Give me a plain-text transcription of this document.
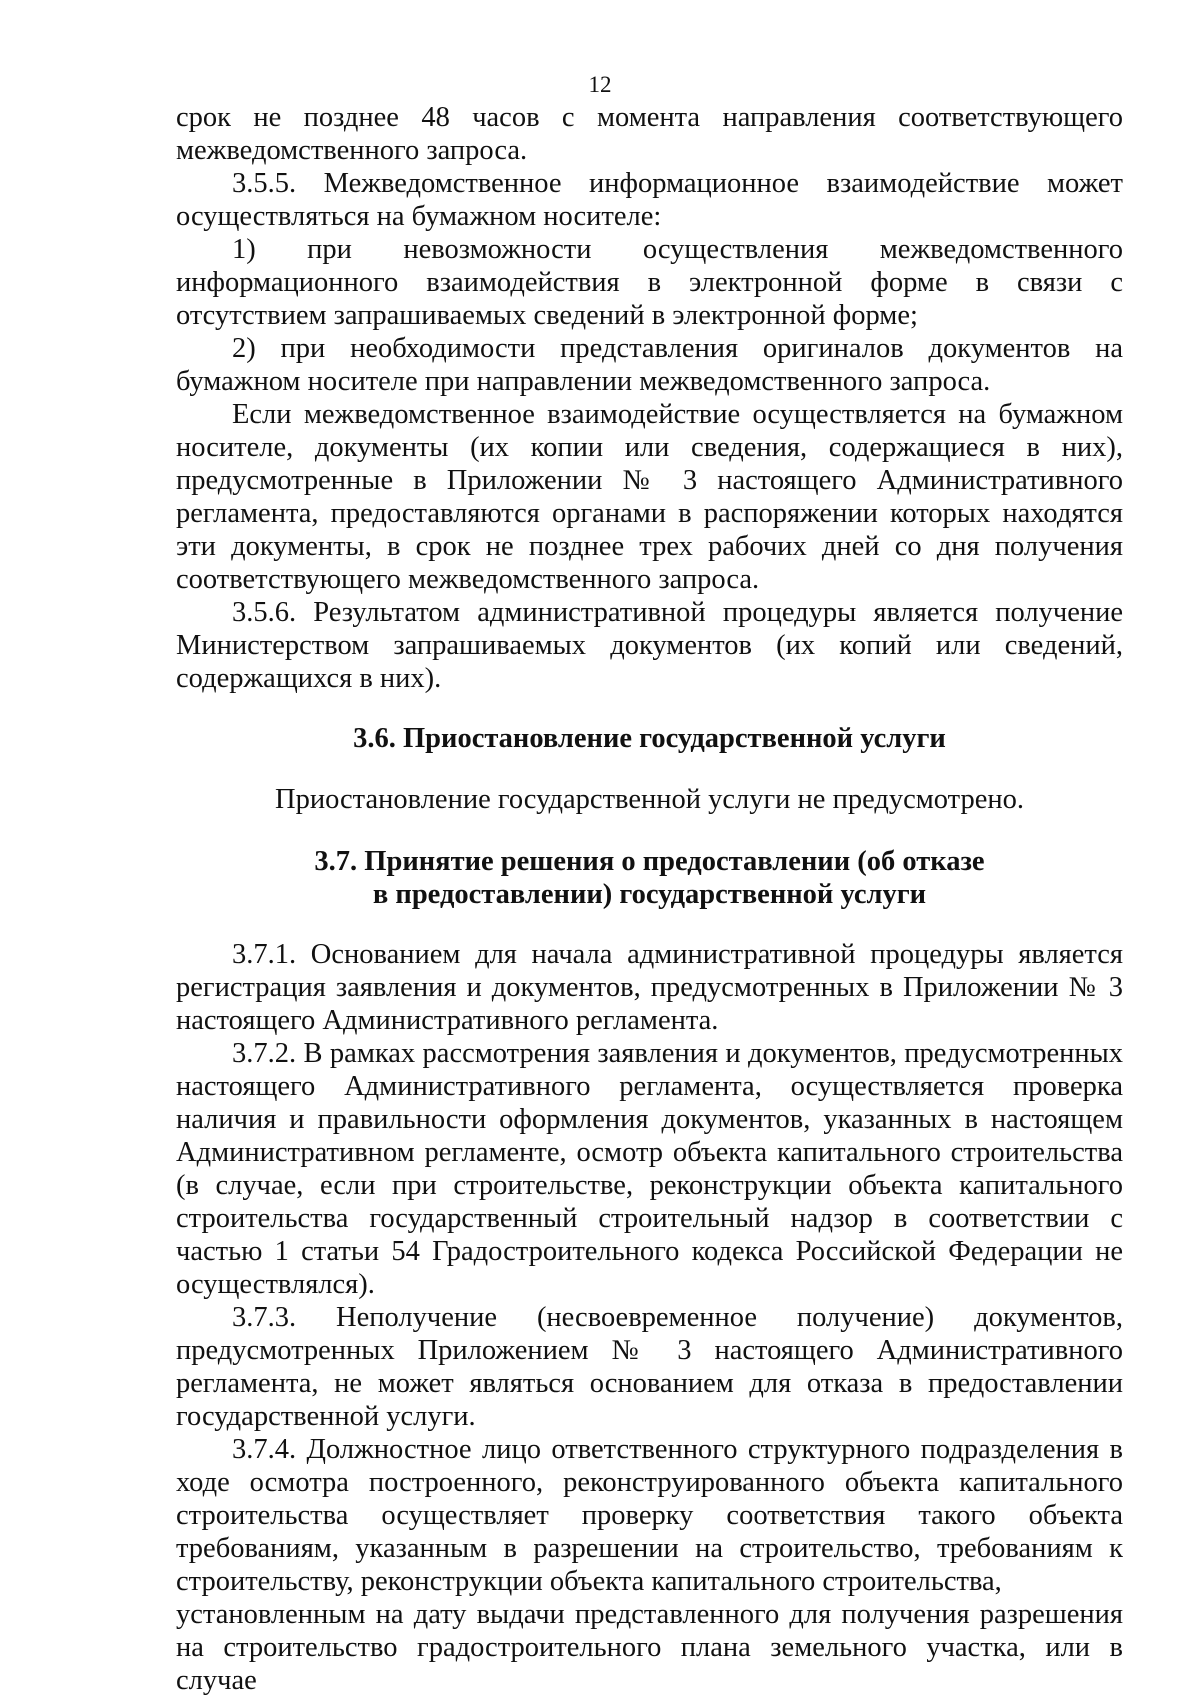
12

срок не позднее 48 часов с момента направления соответствующего межведомственного запроса.

3.5.5. Межведомственное информационное взаимодействие может осуществляться на бумажном носителе:

1) при невозможности осуществления межведомственного информационного взаимодействия в электронной форме в связи с отсутствием запрашиваемых сведений в электронной форме;

2) при необходимости представления оригиналов документов на бумажном носителе при направлении межведомственного запроса.

Если межведомственное взаимодействие осуществляется на бумажном носителе, документы (их копии или сведения, содержащиеся в них), предусмотренные в Приложении № 3 настоящего Административного регламента, предоставляются органами в распоряжении которых находятся эти документы, в срок не позднее трех рабочих дней со дня получения соответствующего межведомственного запроса.

3.5.6. Результатом административной процедуры является получение Министерством запрашиваемых документов (их копий или сведений, содержащихся в них).

3.6. Приостановление государственной услуги

Приостановление государственной услуги не предусмотрено.

3.7. Принятие решения о предоставлении (об отказе
в предоставлении) государственной услуги

3.7.1. Основанием для начала административной процедуры является регистрация заявления и документов, предусмотренных в Приложении № 3 настоящего Административного регламента.

3.7.2. В рамках рассмотрения заявления и документов, предусмотренных настоящего Административного регламента, осуществляется проверка наличия и правильности оформления документов, указанных в настоящем Административном регламенте, осмотр объекта капитального строительства (в случае, если при строительстве, реконструкции объекта капитального строительства государственный строительный надзор в соответствии с частью 1 статьи 54 Градостроительного кодекса Российской Федерации не осуществлялся).

3.7.3. Неполучение (несвоевременное получение) документов, предусмотренных Приложением № 3 настоящего Административного регламента, не может являться основанием для отказа в предоставлении государственной услуги.

3.7.4. Должностное лицо ответственного структурного подразделения в ходе осмотра построенного, реконструированного объекта капитального строительства осуществляет проверку соответствия такого объекта требованиям, указанным в разрешении на строительство, требованиям к строительству, реконструкции объекта капитального строительства,

установленным на дату выдачи представленного для получения разрешения на строительство градостроительного плана земельного участка, или в случае
